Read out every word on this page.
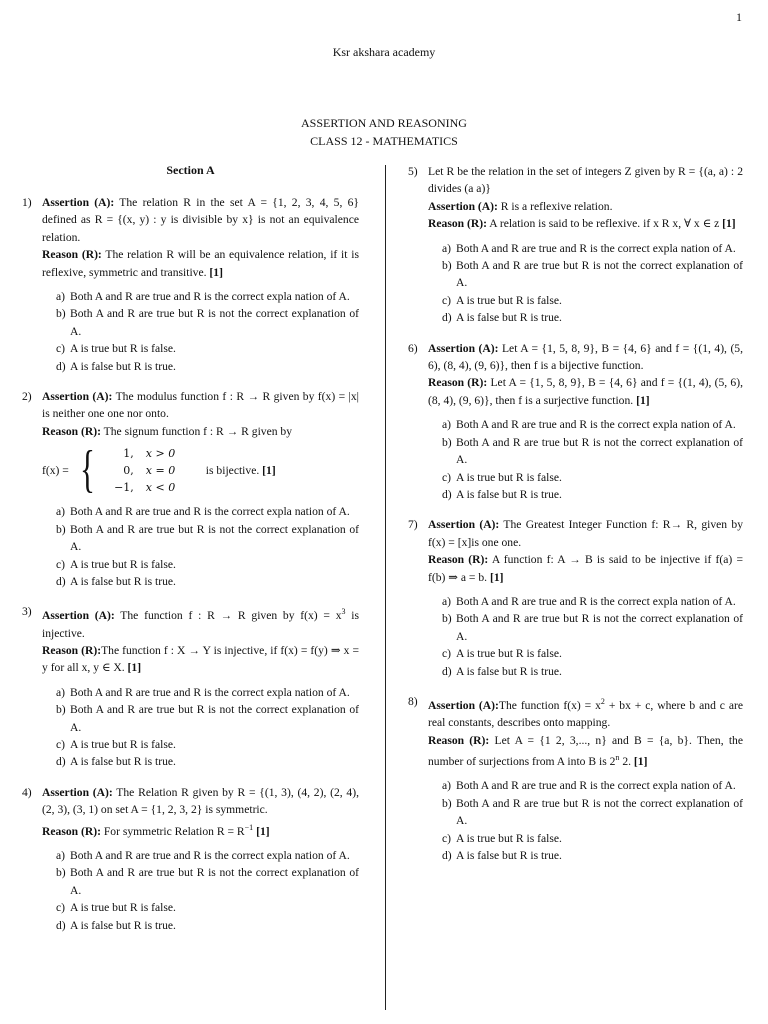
1
Ksr akshara academy
ASSERTION AND REASONING
CLASS 12 - MATHEMATICS
Section A
1) Assertion (A): The relation R in the set A = {1, 2, 3, 4, 5, 6} defined as R = {(x, y) : y is divisible by x} is not an equivalence relation.

Reason (R): The relation R will be an equivalence relation, if it is reflexive, symmetric and transitive. [1]

a) Both A and R are true and R is the correct expla nation of A.
b) Both A and R are true but R is not the correct explanation of A.
c) A is true but R is false.
d) A is false but R is true.
2) Assertion (A): The modulus function f : R → R given by f(x) = |x| is neither one one nor onto.

Reason (R): The signum function f : R → R given by

f(x) = {	1, x > 0
0, x = 0
−1, x < 0
is bijective.
[1]
a) Both A and R are true and R is the correct expla nation of A.
b) Both A and R are true but R is not the correct explanation of A.
c) A is true but R is false.
d) A is false but R is true.
3) Assertion (A): The function f : R → R given by $f(x) = x^3$ is injective.

Reason (R):The function f : X → Y is injective, if f(x) = f(y) ⇒ x = y for all x, y ∈ X. [1]

a) Both A and R are true and R is the correct expla nation of A.
b) Both A and R are true but R is not the correct explanation of A.
c) A is true but R is false.
d) A is false but R is true.
4) Assertion (A): The Relation R given by R = {(1, 3), (4, 2), (2, 4), (2, 3), (3, 1) on set A = {1, 2, 3, 2} is symmetric.

Reason (R): For symmetric Relation $R = R^{-1}$ [1]

a) Both A and R are true and R is the correct expla nation of A.
b) Both A and R are true but R is not the correct explanation of A.
c) A is true but R is false.
d) A is false but R is true.
5) Let R be the relation in the set of integers Z given by R = {(a, a) : 2 divides (a a)}

Assertion (A): R is a reflexive relation.

Reason (R): A relation is said to be reflexive. if x R x, ∀ x ∈ z [1]

a) Both A and R are true and R is the correct expla nation of A.
b) Both A and R are true but R is not the correct explanation of A.
c) A is true but R is false.
d) A is false but R is true.
6) Assertion (A): Let A = {1, 5, 8, 9}, B = {4, 6} and f = {(1, 4), (5, 6), (8, 4), (9, 6)}, then f is a bijective function.

Reason (R): Let A = {1, 5, 8, 9}, B = {4, 6} and f = {(1, 4), (5, 6), (8, 4), (9, 6)}, then f is a surjective function. [1]

a) Both A and R are true and R is the correct expla nation of A.
b) Both A and R are true but R is not the correct explanation of A.
c) A is true but R is false.
d) A is false but R is true.
7) Assertion (A): The Greatest Integer Function f: R→ R, given by f(x) = [x]is one one.

Reason (R): A function f: A → B is said to be injective if f(a) = f(b) ⇒ a = b. [1]

a) Both A and R are true and R is the correct expla nation of A.
b) Both A and R are true but R is not the correct explanation of A.
c) A is true but R is false.
d) A is false but R is true.
8) Assertion (A):The function $f(x) = x^2$ + bx + c, where b and c are real constants, describes onto mapping.

Reason (R): Let A = {1 2, 3,..., n} and B = {a, b}. Then, the number of surjections from A into B is 2$^n$ 2. [1]

a) Both A and R are true and R is the correct expla nation of A.
b) Both A and R are true but R is not the correct explanation of A.
c) A is true but R is false.
d) A is false but R is true.
